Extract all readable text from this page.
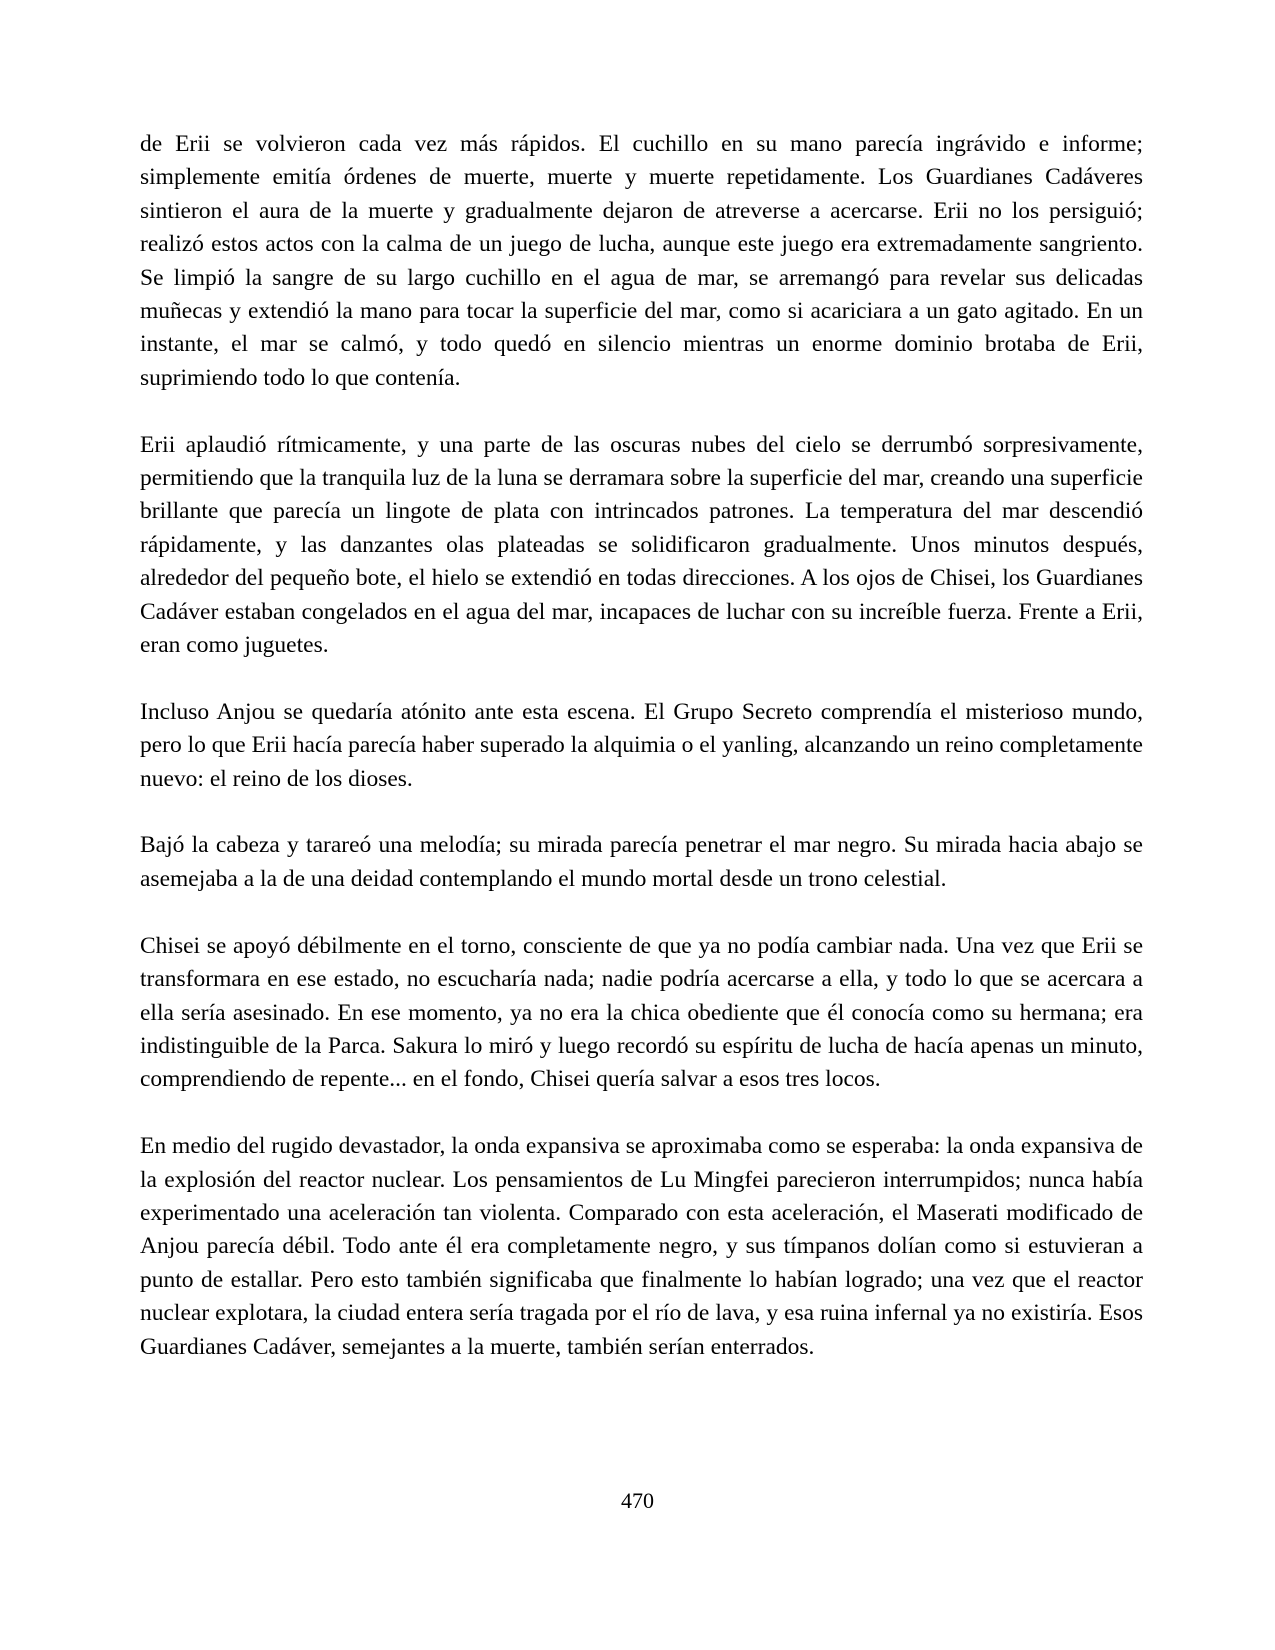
de Erii se volvieron cada vez más rápidos. El cuchillo en su mano parecía ingrávido e informe; simplemente emitía órdenes de muerte, muerte y muerte repetidamente. Los Guardianes Cadáveres sintieron el aura de la muerte y gradualmente dejaron de atreverse a acercarse. Erii no los persiguió; realizó estos actos con la calma de un juego de lucha, aunque este juego era extremadamente sangriento. Se limpió la sangre de su largo cuchillo en el agua de mar, se arremangó para revelar sus delicadas muñecas y extendió la mano para tocar la superficie del mar, como si acariciara a un gato agitado. En un instante, el mar se calmó, y todo quedó en silencio mientras un enorme dominio brotaba de Erii, suprimiendo todo lo que contenía.

Erii aplaudió rítmicamente, y una parte de las oscuras nubes del cielo se derrumbó sorpresivamente, permitiendo que la tranquila luz de la luna se derramara sobre la superficie del mar, creando una superficie brillante que parecía un lingote de plata con intrincados patrones. La temperatura del mar descendió rápidamente, y las danzantes olas plateadas se solidificaron gradualmente. Unos minutos después, alrededor del pequeño bote, el hielo se extendió en todas direcciones. A los ojos de Chisei, los Guardianes Cadáver estaban congelados en el agua del mar, incapaces de luchar con su increíble fuerza. Frente a Erii, eran como juguetes.

Incluso Anjou se quedaría atónito ante esta escena. El Grupo Secreto comprendía el misterioso mundo, pero lo que Erii hacía parecía haber superado la alquimia o el yanling, alcanzando un reino completamente nuevo: el reino de los dioses.

Bajó la cabeza y tarareó una melodía; su mirada parecía penetrar el mar negro. Su mirada hacia abajo se asemejaba a la de una deidad contemplando el mundo mortal desde un trono celestial.

Chisei se apoyó débilmente en el torno, consciente de que ya no podía cambiar nada. Una vez que Erii se transformara en ese estado, no escucharía nada; nadie podría acercarse a ella, y todo lo que se acercara a ella sería asesinado. En ese momento, ya no era la chica obediente que él conocía como su hermana; era indistinguible de la Parca. Sakura lo miró y luego recordó su espíritu de lucha de hacía apenas un minuto, comprendiendo de repente... en el fondo, Chisei quería salvar a esos tres locos.

En medio del rugido devastador, la onda expansiva se aproximaba como se esperaba: la onda expansiva de la explosión del reactor nuclear. Los pensamientos de Lu Mingfei parecieron interrumpidos; nunca había experimentado una aceleración tan violenta. Comparado con esta aceleración, el Maserati modificado de Anjou parecía débil. Todo ante él era completamente negro, y sus tímpanos dolían como si estuvieran a punto de estallar. Pero esto también significaba que finalmente lo habían logrado; una vez que el reactor nuclear explotara, la ciudad entera sería tragada por el río de lava, y esa ruina infernal ya no existiría. Esos Guardianes Cadáver, semejantes a la muerte, también serían enterrados.

470
